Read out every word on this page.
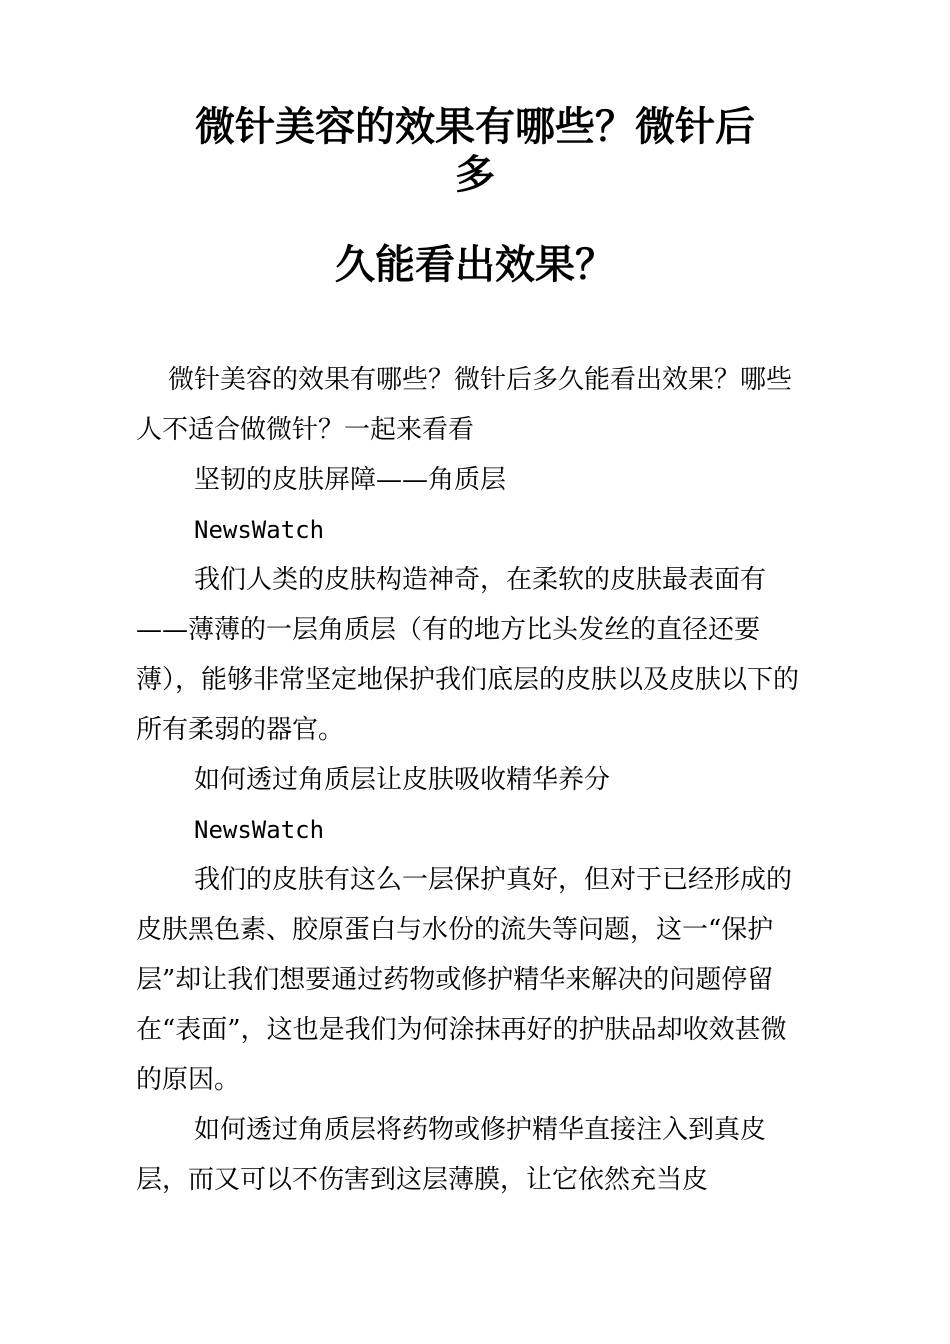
微针美容的效果有哪些？微针后
多
久能看出效果？

微针美容的效果有哪些？微针后多久能看出效果？哪些人不适合做微针？一起来看看

坚韧的皮肤屏障——角质层

NewsWatch

我们人类的皮肤构造神奇，在柔软的皮肤最表面有——薄薄的一层角质层（有的地方比头发丝的直径还要薄），能够非常坚定地保护我们底层的皮肤以及皮肤以下的所有柔弱的器官。

如何透过角质层让皮肤吸收精华养分

NewsWatch

我们的皮肤有这么一层保护真好，但对于已经形成的皮肤黑色素、胶原蛋白与水份的流失等问题，这一“保护层”却让我们想要通过药物或修护精华来解决的问题停留在“表面”，这也是我们为何涂抹再好的护肤品却收效甚微的原因。

如何透过角质层将药物或修护精华直接注入到真皮层，而又可以不伤害到这层薄膜，让它依然充当皮
